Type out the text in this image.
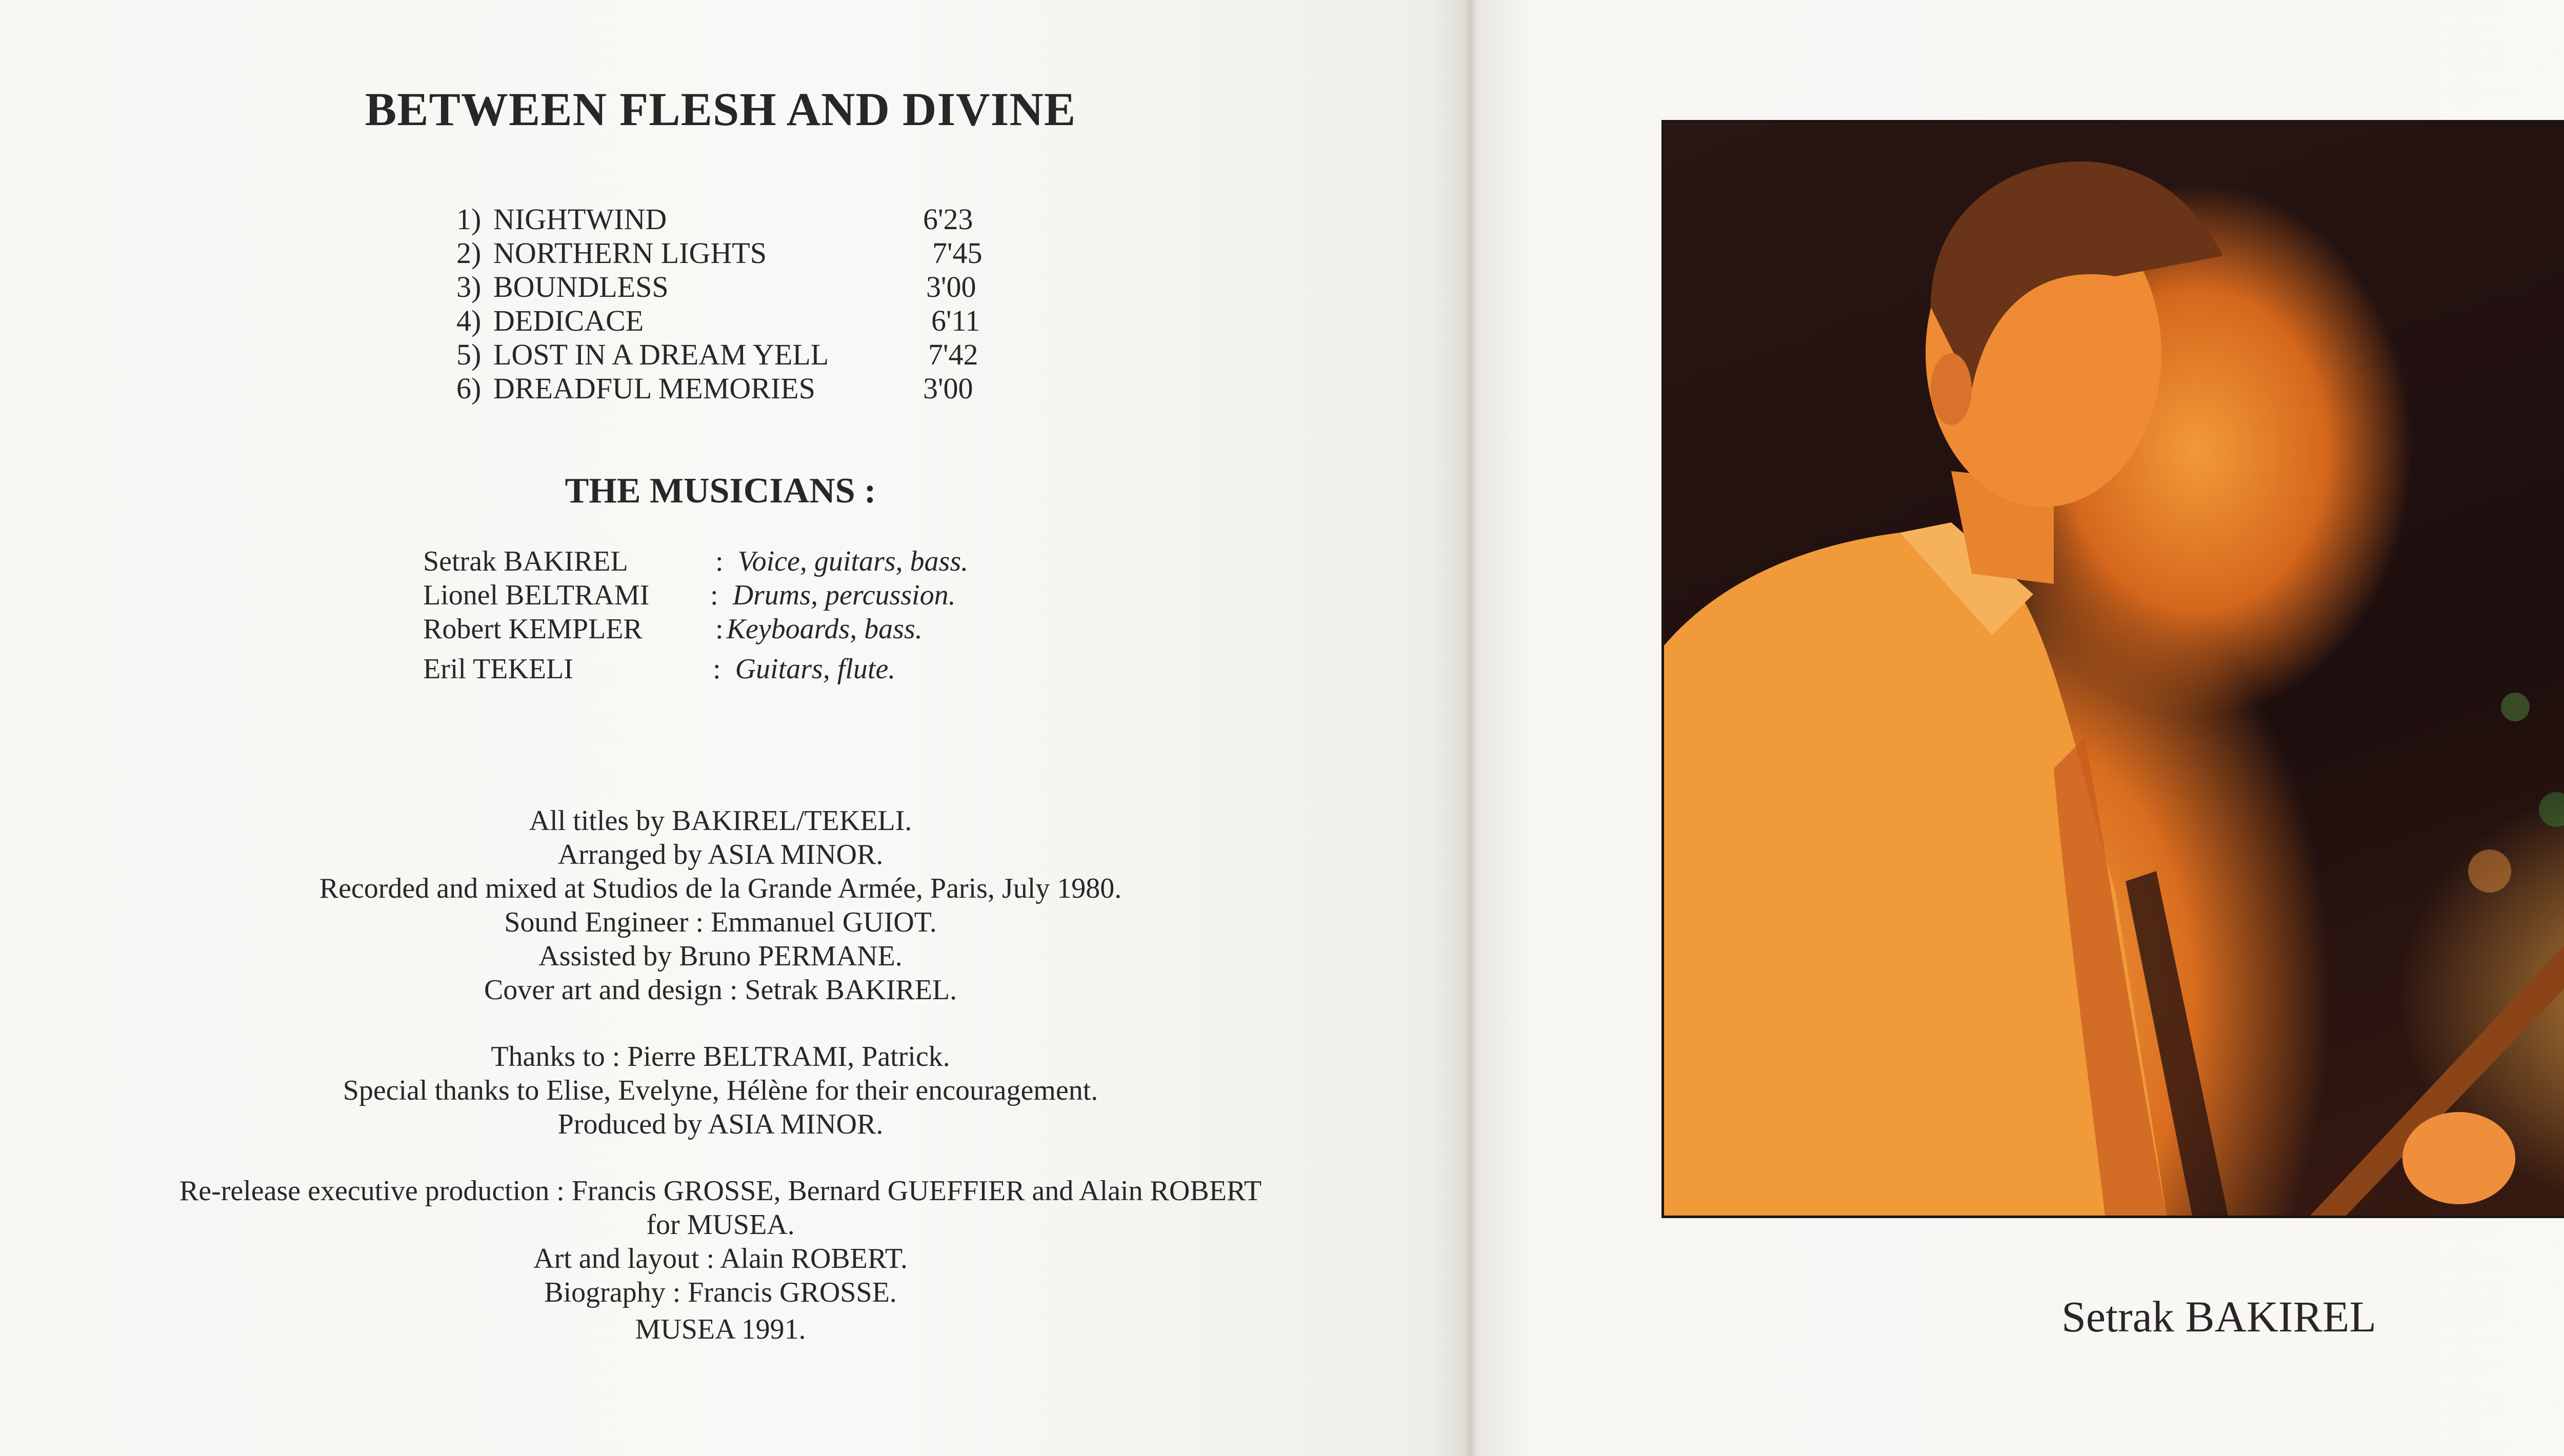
BETWEEN FLESH AND DIVINE
1) NIGHTWIND	6'23
2) NORTHERN LIGHTS	7'45
3) BOUNDLESS	3'00
4) DEDICACE	6'11
5) LOST IN A DREAM YELL	7'42
6) DREADFUL MEMORIES	3'00
THE MUSICIANS :
Setrak BAKIREL	: Voice, guitars, bass.
Lionel BELTRAMI : Drums, percussion.
Robert KEMPLER	: Keyboards, bass.
Eril TEKELI	: Guitars, flute.
All titles by BAKIREL/TEKELI.
Arranged by ASIA MINOR.
Recorded and mixed at Studios de la Grande Armée, Paris, July 1980.
Sound Engineer : Emmanuel GUIOT.
Assisted by Bruno PERMANE.
Cover art and design : Setrak BAKIREL.
Thanks to : Pierre BELTRAMI, Patrick.
Special thanks to Elise, Evelyne, Hélène for their encouragement.
Produced by ASIA MINOR.
Re-release executive production : Francis GROSSE, Bernard GUEFFIER and Alain ROBERT
for MUSEA.
Art and layout : Alain ROBERT.
Biography : Francis GROSSE.
MUSEA 1991.	Setrak BAKIREL
